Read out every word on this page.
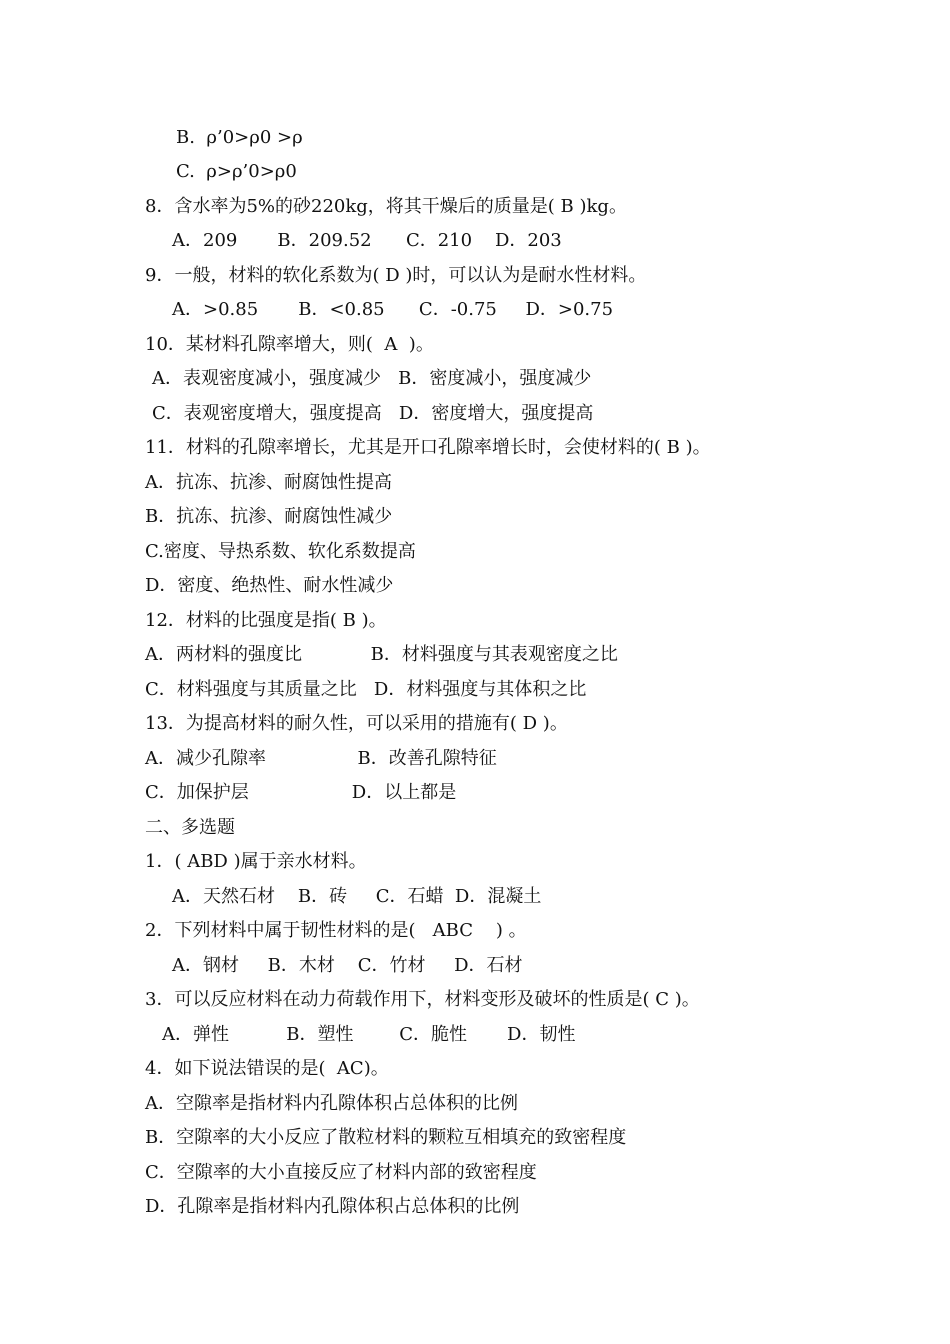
B.  ρ’0>ρ0 >ρ
C.  ρ>ρ’0>ρ0
8．含水率为5%的砂220kg，将其干燥后的质量是( B )kg。
A．209       B．209.52      C．210    D．203
9．一般，材料的软化系数为( D )时，可以认为是耐水性材料。
A．>0.85       B．<0.85      C．-0.75     D．>0.75
10．某材料孔隙率增大，则(  A  )。
A．表观密度减小，强度减少   B．密度减小，强度减少
C．表观密度增大，强度提高   D．密度增大，强度提高
11．材料的孔隙率增长，尤其是开口孔隙率增长时，会使材料的( B )。
A．抗冻、抗渗、耐腐蚀性提高
B．抗冻、抗渗、耐腐蚀性减少
C.密度、导热系数、软化系数提高
D．密度、绝热性、耐水性减少
12．材料的比强度是指( B )。
A．两材料的强度比            B．材料强度与其表观密度之比
C．材料强度与其质量之比   D．材料强度与其体积之比
13．为提高材料的耐久性，可以采用的措施有( D )。
A．减少孔隙率                B．改善孔隙特征
C．加保护层                  D．以上都是
二、多选题
1．( ABD )属于亲水材料。
A．天然石材    B．砖     C．石蜡  D．混凝土
2．下列材料中属于韧性材料的是(   ABC    ) 。
A．钢材     B．木材    C．竹材     D．石材
3．可以反应材料在动力荷载作用下，材料变形及破坏的性质是( C )。
A．弹性          B．塑性        C．脆性       D．韧性
4．如下说法错误的是(  AC)。
A．空隙率是指材料内孔隙体积占总体积的比例
B．空隙率的大小反应了散粒材料的颗粒互相填充的致密程度
C．空隙率的大小直接反应了材料内部的致密程度
D．孔隙率是指材料内孔隙体积占总体积的比例
